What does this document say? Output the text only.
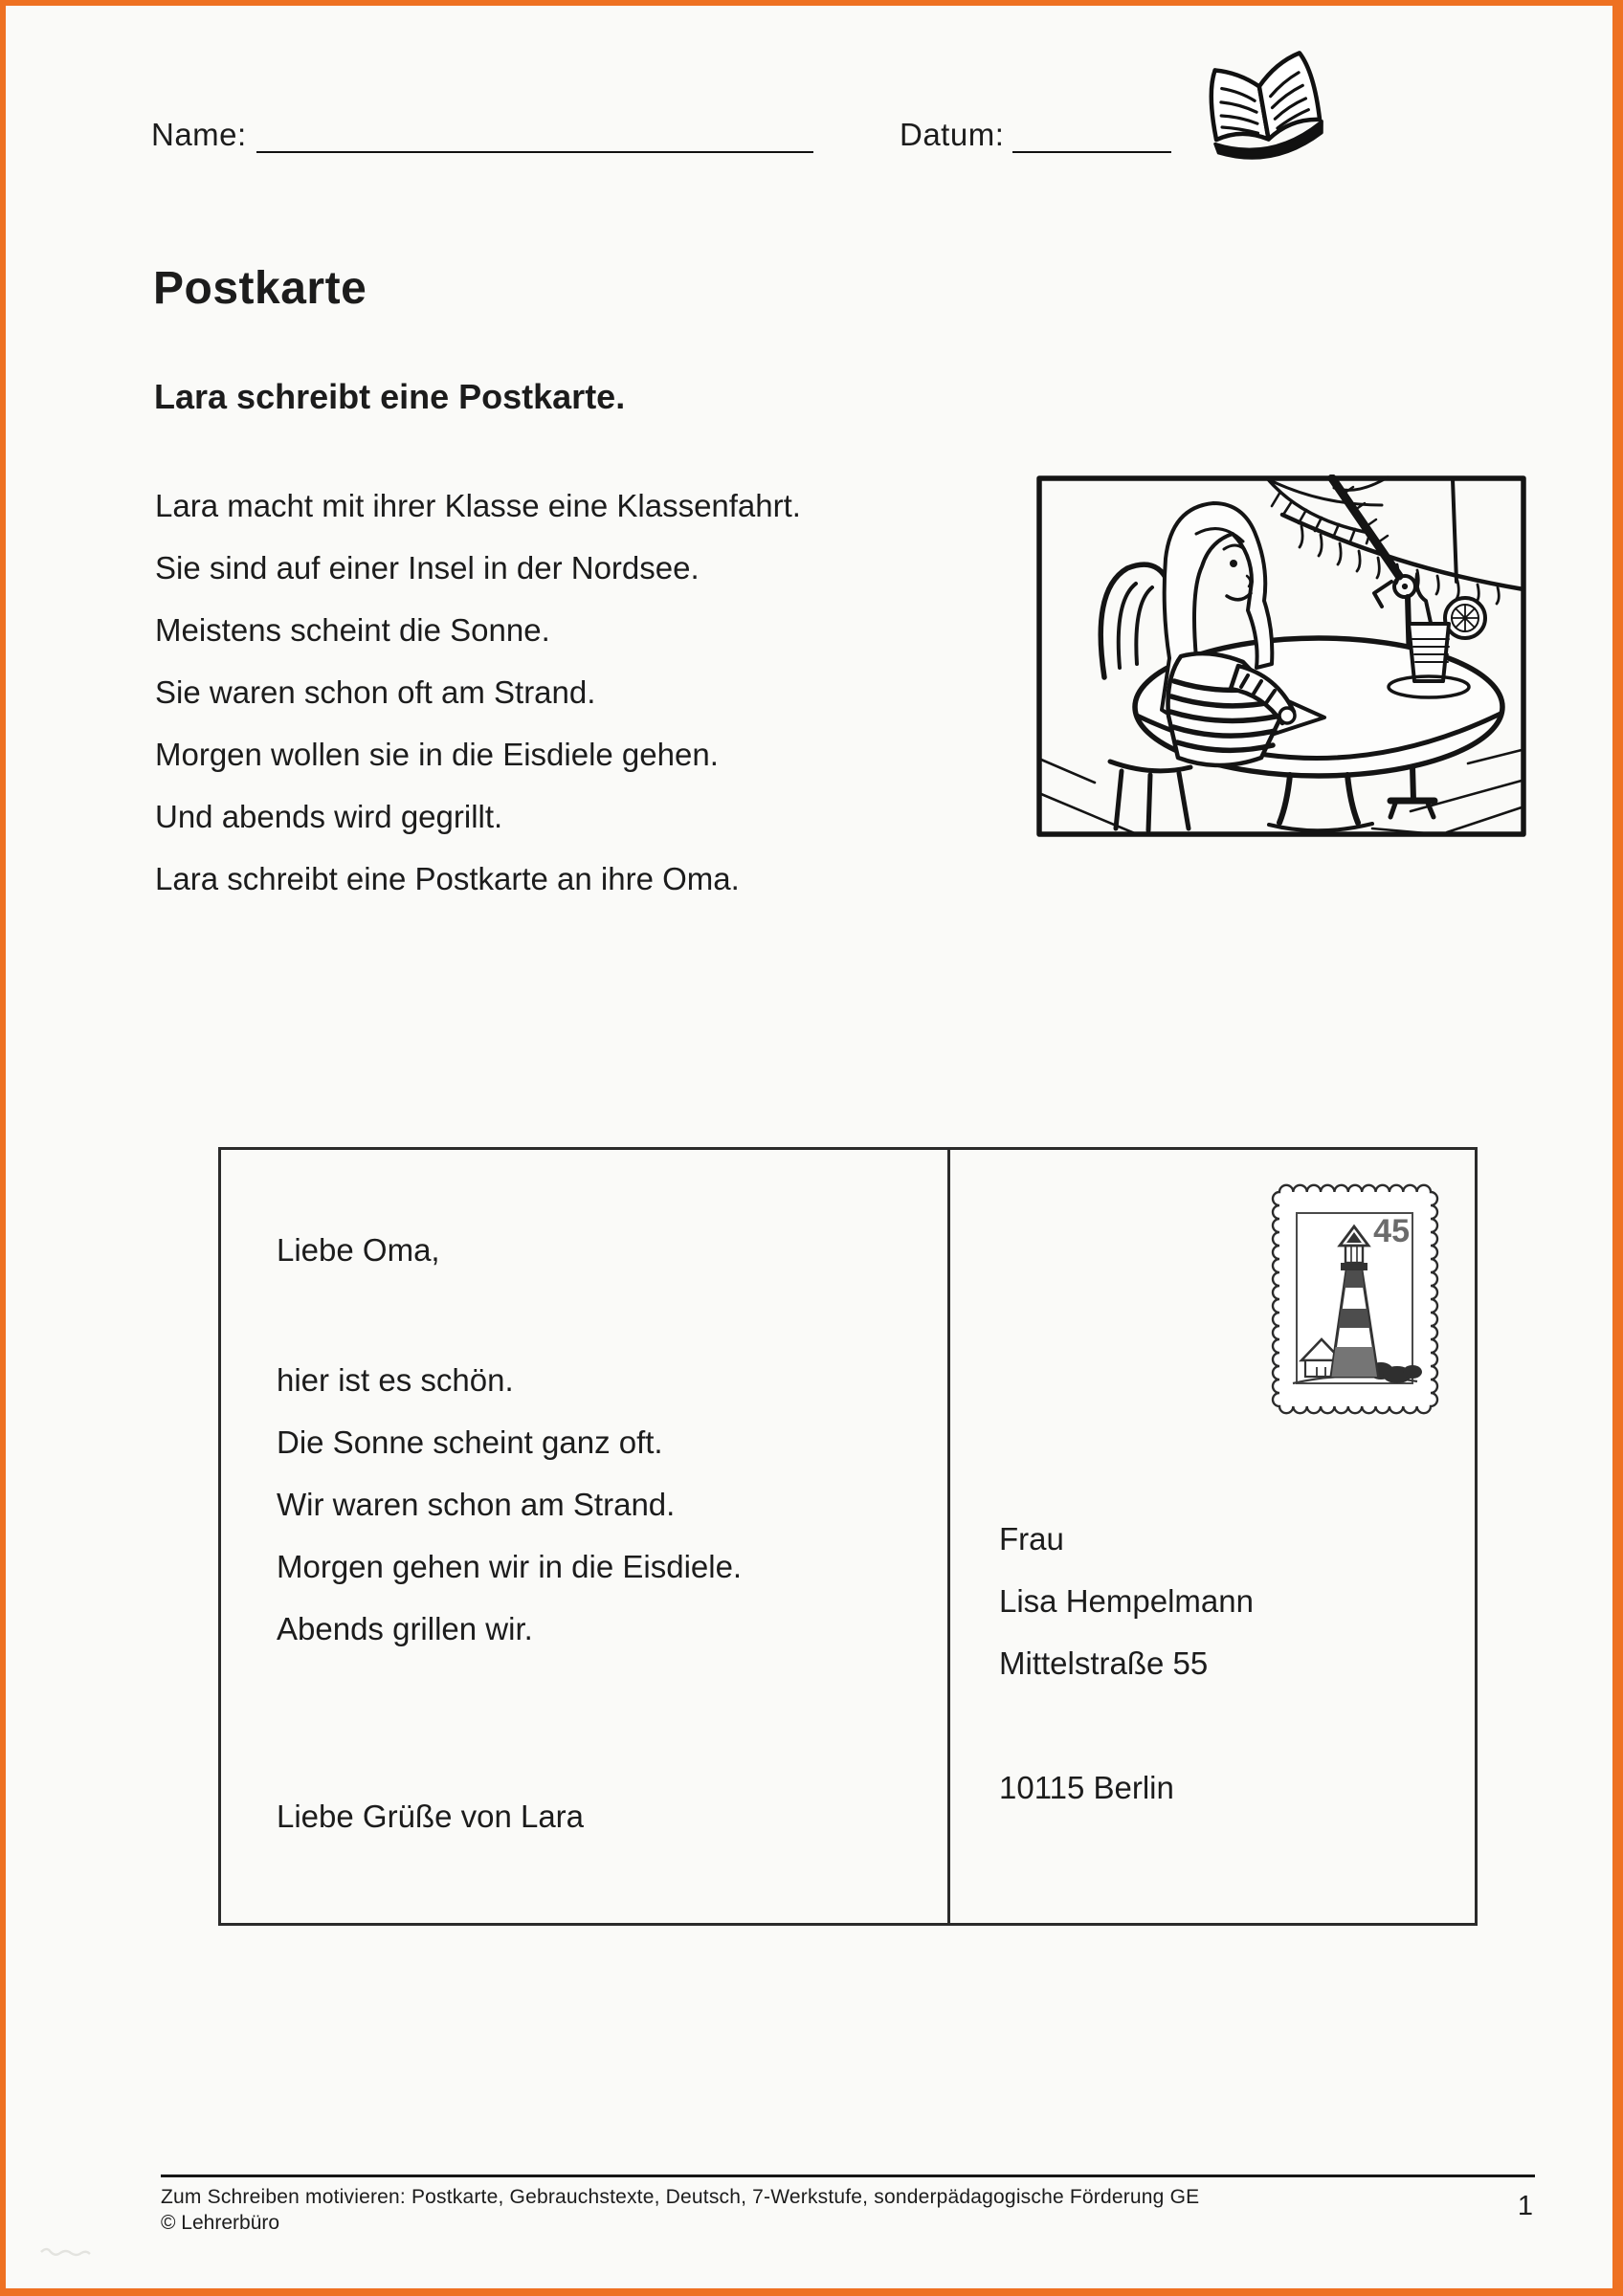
Name:	Datum:
Postkarte
Lara schreibt eine Postkarte.
Lara macht mit ihrer Klasse eine Klassenfahrt.
Sie sind auf einer Insel in der Nordsee.
Meistens scheint die Sonne.
Sie waren schon oft am Strand.
Morgen wollen sie in die Eisdiele gehen.
Und abends wird gegrillt.
Lara schreibt eine Postkarte an ihre Oma.
Liebe Oma,
hier ist es schön.
Die Sonne scheint ganz oft.
Wir waren schon am Strand.
Morgen gehen wir in die Eisdiele.
Abends grillen wir.
Liebe Grüße von Lara
45
Frau
Lisa Hempelmann
Mittelstraße 55
10115 Berlin
Zum Schreiben motivieren: Postkarte, Gebrauchstexte, Deutsch, 7-Werkstufe, sonderpädagogische Förderung GE
© Lehrerbüro
1
